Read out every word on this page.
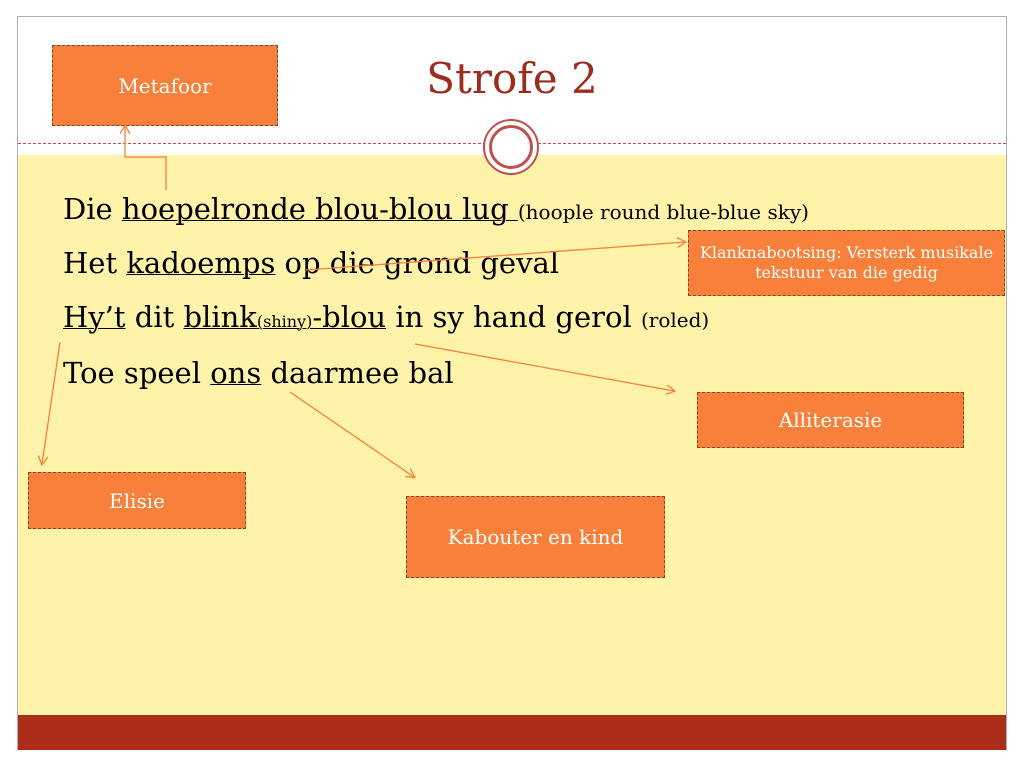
Strofe 2
Die hoepelronde blou-blou lug (hoople round blue-blue sky)
Het kadoemps op die grond geval
Hy’t dit blink(shiny)-blou in sy hand gerol (roled)
Toe speel ons daarmee bal
Metafoor
Klanknabootsing: Versterk musikale tekstuur van die gedig
Alliterasie
Elisie
Kabouter en kind
